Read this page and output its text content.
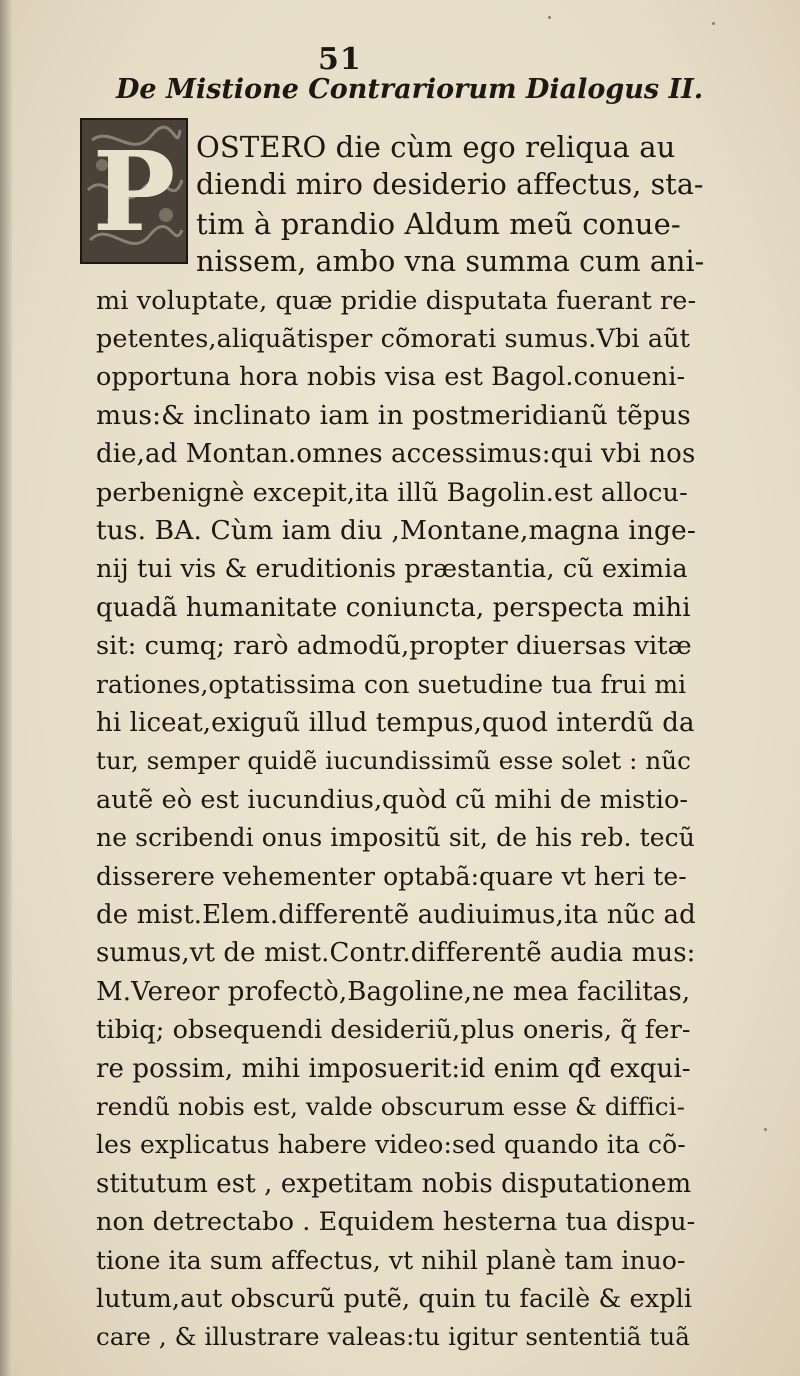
51
De Mistione Contrariorum Dialogus II.
P OSTERO die cùm ego reliqua au
diendi miro desiderio affectus, sta-
tim à prandio Aldum meũ conue-
nissem, ambo vna summa cum ani-
mi voluptate, quæ pridie disputata fuerant re-
petentes,aliquãtisper cõmorati sumus.Vbi aũt
opportuna hora nobis visa est Bagol.conueni-
mus:& inclinato iam in postmeridianũ tẽpus
die,ad Montan.omnes accessimus:qui vbi nos
perbenignè excepit,ita illũ Bagolin.est allocu-
tus. BA. Cùm iam diu ,Montane,magna inge-
nij tui vis & eruditionis præstantia, cũ eximia
quadã humanitate coniuncta, perspecta mihi
sit: cumq; rarò admodũ,propter diuersas vitæ
rationes,optatissima con suetudine tua frui mi
hi liceat,exiguũ illud tempus,quod interdũ da
tur, semper quidẽ iucundissimũ esse solet : nũc
autẽ eò est iucundius,quòd cũ mihi de mistio-
ne scribendi onus impositũ sit, de his reb. tecũ
disserere vehementer optabã:quare vt heri te-
de mist.Elem.differentẽ audiuimus,ita nũc ad
sumus,vt de mist.Contr.differentẽ audia mus:
M.Vereor profectò,Bagoline,ne mea facilitas,
tibiq; obsequendi desideriũ,plus oneris, q̃ fer-
re possim, mihi imposuerit:id enim qđ exqui-
rendũ nobis est, valde obscurum esse & diffici-
les explicatus habere video:sed quando ita cõ-
stitutum est , expetitam nobis disputationem
non detrectabo . Equidem hesterna tua dispu-
tione ita sum affectus, vt nihil planè tam inuo-
lutum,aut obscurũ putẽ, quin tu facilè & expli
care , & illustrare valeas:tu igitur sententiã tuã
